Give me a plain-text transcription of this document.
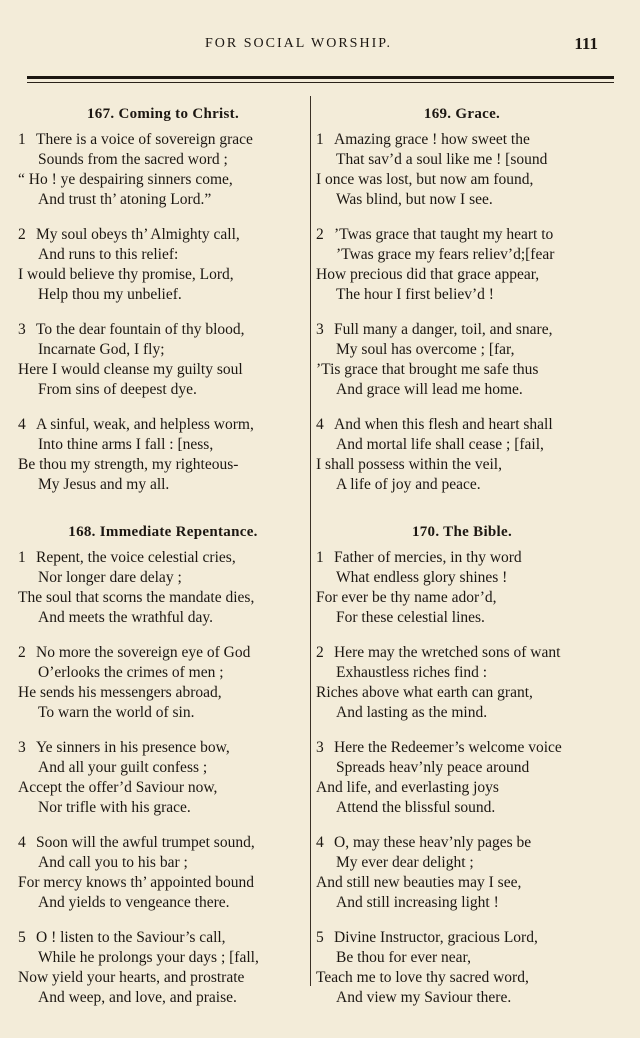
FOR SOCIAL WORSHIP.	111
167. Coming to Christ.
1 There is a voice of sovereign grace
Sounds from the sacred word ;
“ Ho ! ye despairing sinners come,
And trust th’ atoning Lord.”
2 My soul obeys th’ Almighty call,
And runs to this relief:
I would believe thy promise, Lord,
Help thou my unbelief.
3 To the dear fountain of thy blood,
Incarnate God, I fly;
Here I would cleanse my guilty soul
From sins of deepest dye.
4 A sinful, weak, and helpless worm,
Into thine arms I fall : [ness,
Be thou my strength, my righteous-
My Jesus and my all.
168. Immediate Repentance.
1 Repent, the voice celestial cries,
Nor longer dare delay ;
The soul that scorns the mandate dies,
And meets the wrathful day.
2 No more the sovereign eye of God
O’erlooks the crimes of men ;
He sends his messengers abroad,
To warn the world of sin.
3 Ye sinners in his presence bow,
And all your guilt confess ;
Accept the offer’d Saviour now,
Nor trifle with his grace.
4 Soon will the awful trumpet sound,
And call you to his bar ;
For mercy knows th’ appointed bound
And yields to vengeance there.
5 O ! listen to the Saviour’s call,
While he prolongs your days ; [fall,
Now yield your hearts, and prostrate
And weep, and love, and praise.
169. Grace.
1 Amazing grace ! how sweet the
That sav’d a soul like me ! [sound
I once was lost, but now am found,
Was blind, but now I see.
2 ’Twas grace that taught my heart to
’Twas grace my fears reliev’d;[fear
How precious did that grace appear,
The hour I first believ’d !
3 Full many a danger, toil, and snare,
My soul has overcome ; [far,
’Tis grace that brought me safe thus
And grace will lead me home.
4 And when this flesh and heart shall
And mortal life shall cease ; [fail,
I shall possess within the veil,
A life of joy and peace.
170. The Bible.
1 Father of mercies, in thy word
What endless glory shines !
For ever be thy name ador’d,
For these celestial lines.
2 Here may the wretched sons of want
Exhaustless riches find :
Riches above what earth can grant,
And lasting as the mind.
3 Here the Redeemer’s welcome voice
Spreads heav’nly peace around
And life, and everlasting joys
Attend the blissful sound.
4 O, may these heav’nly pages be
My ever dear delight ;
And still new beauties may I see,
And still increasing light !
5 Divine Instructor, gracious Lord,
Be thou for ever near,
Teach me to love thy sacred word,
And view my Saviour there.
